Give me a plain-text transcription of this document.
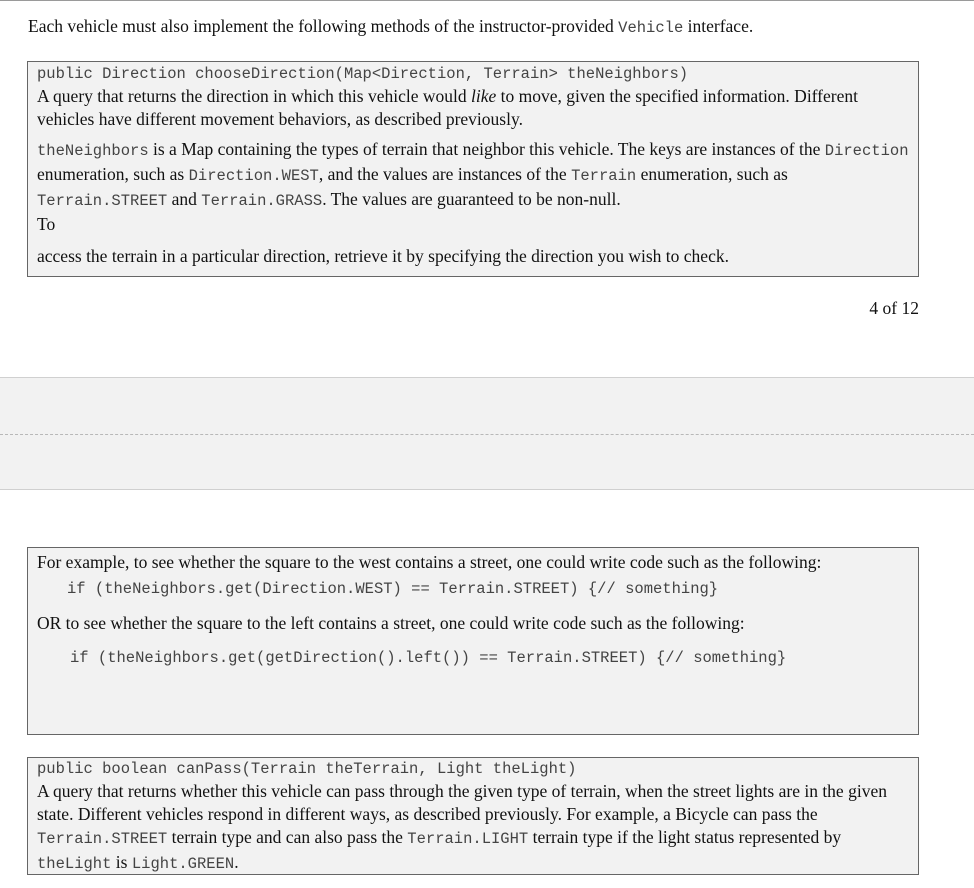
Each vehicle must also implement the following methods of the instructor-provided Vehicle interface.
public Direction chooseDirection(Map<Direction, Terrain> theNeighbors)

A query that returns the direction in which this vehicle would like to move, given the specified information. Different vehicles have different movement behaviors, as described previously.

theNeighbors is a Map containing the types of terrain that neighbor this vehicle. The keys are instances of the Direction enumeration, such as Direction.WEST, and the values are instances of the Terrain enumeration, such as Terrain.STREET and Terrain.GRASS. The values are guaranteed to be non-null.
To

access the terrain in a particular direction, retrieve it by specifying the direction you wish to check.

4 of 12

For example, to see whether the square to the west contains a street, one could write code such as the following:

if (theNeighbors.get(Direction.WEST) == Terrain.STREET) {// something}

OR to see whether the square to the left contains a street, one could write code such as the following:

if (theNeighbors.get(getDirection().left()) == Terrain.STREET) {// something}
public boolean canPass(Terrain theTerrain, Light theLight)

A query that returns whether this vehicle can pass through the given type of terrain, when the street lights are in the given state. Different vehicles respond in different ways, as described previously. For example, a Bicycle can pass the Terrain.STREET terrain type and can also pass the Terrain.LIGHT terrain type if the light status represented by theLight is Light.GREEN.
